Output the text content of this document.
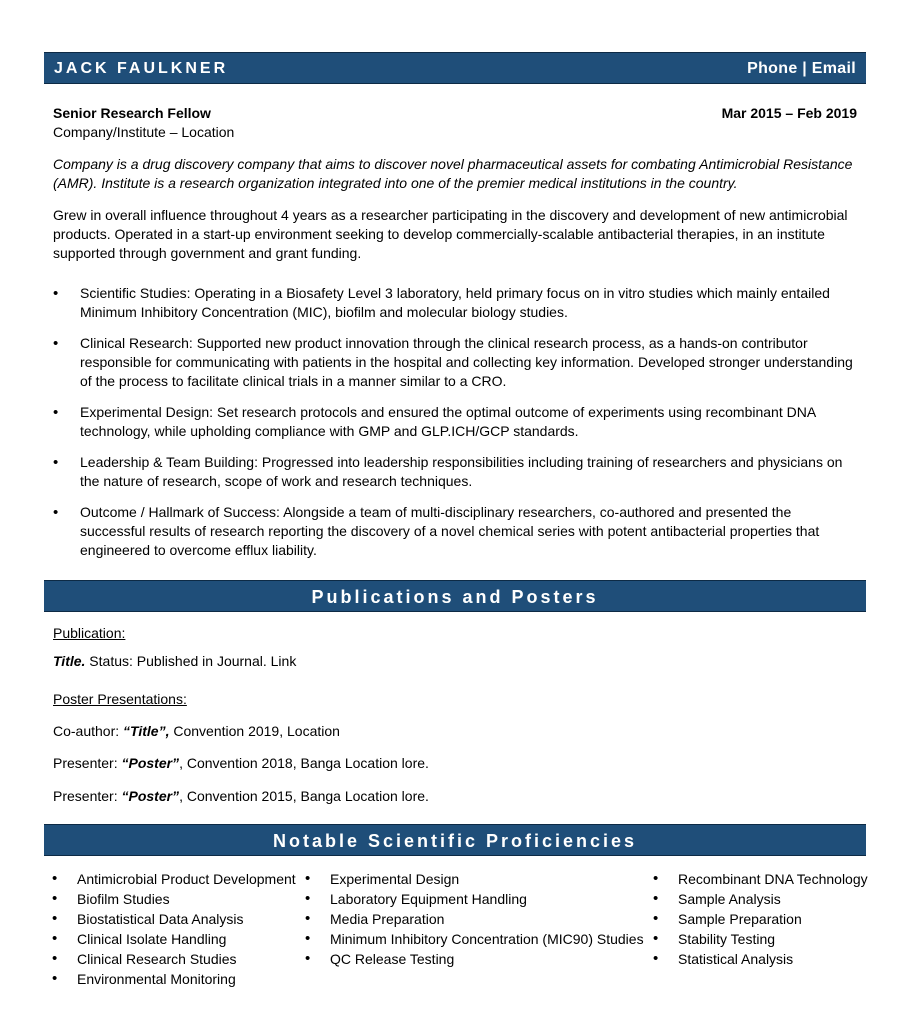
JACK FAULKNER	Phone | Email
Senior Research Fellow	Mar 2015 – Feb 2019
Company/Institute – Location
Company is a drug discovery company that aims to discover novel pharmaceutical assets for combating Antimicrobial Resistance (AMR). Institute is a research organization integrated into one of the premier medical institutions in the country.
Grew in overall influence throughout 4 years as a researcher participating in the discovery and development of new antimicrobial products. Operated in a start-up environment seeking to develop commercially-scalable antibacterial therapies, in an institute supported through government and grant funding.
• Scientific Studies: Operating in a Biosafety Level 3 laboratory, held primary focus on in vitro studies which mainly entailed Minimum Inhibitory Concentration (MIC), biofilm and molecular biology studies.
• Clinical Research: Supported new product innovation through the clinical research process, as a hands-on contributor responsible for communicating with patients in the hospital and collecting key information. Developed stronger understanding of the process to facilitate clinical trials in a manner similar to a CRO.
• Experimental Design: Set research protocols and ensured the optimal outcome of experiments using recombinant DNA technology, while upholding compliance with GMP and GLP.ICH/GCP standards.
• Leadership & Team Building: Progressed into leadership responsibilities including training of researchers and physicians on the nature of research, scope of work and research techniques.
• Outcome / Hallmark of Success: Alongside a team of multi-disciplinary researchers, co-authored and presented the successful results of research reporting the discovery of a novel chemical series with potent antibacterial properties that engineered to overcome efflux liability.
Publications and Posters
Publication:
Title. Status: Published in Journal. Link
Poster Presentations:
Co-author: “Title”, Convention 2019, Location
Presenter: “Poster”, Convention 2018, Banga Location lore.
Presenter: “Poster”, Convention 2015, Banga Location lore.
Notable Scientific Proficiencies
• Antimicrobial Product Development
• Biofilm Studies
• Biostatistical Data Analysis
• Clinical Isolate Handling
• Clinical Research Studies
• Environmental Monitoring
• Experimental Design
• Laboratory Equipment Handling
• Media Preparation
• Minimum Inhibitory Concentration (MIC90) Studies
• QC Release Testing
• Recombinant DNA Technology
• Sample Analysis
• Sample Preparation
• Stability Testing
• Statistical Analysis
